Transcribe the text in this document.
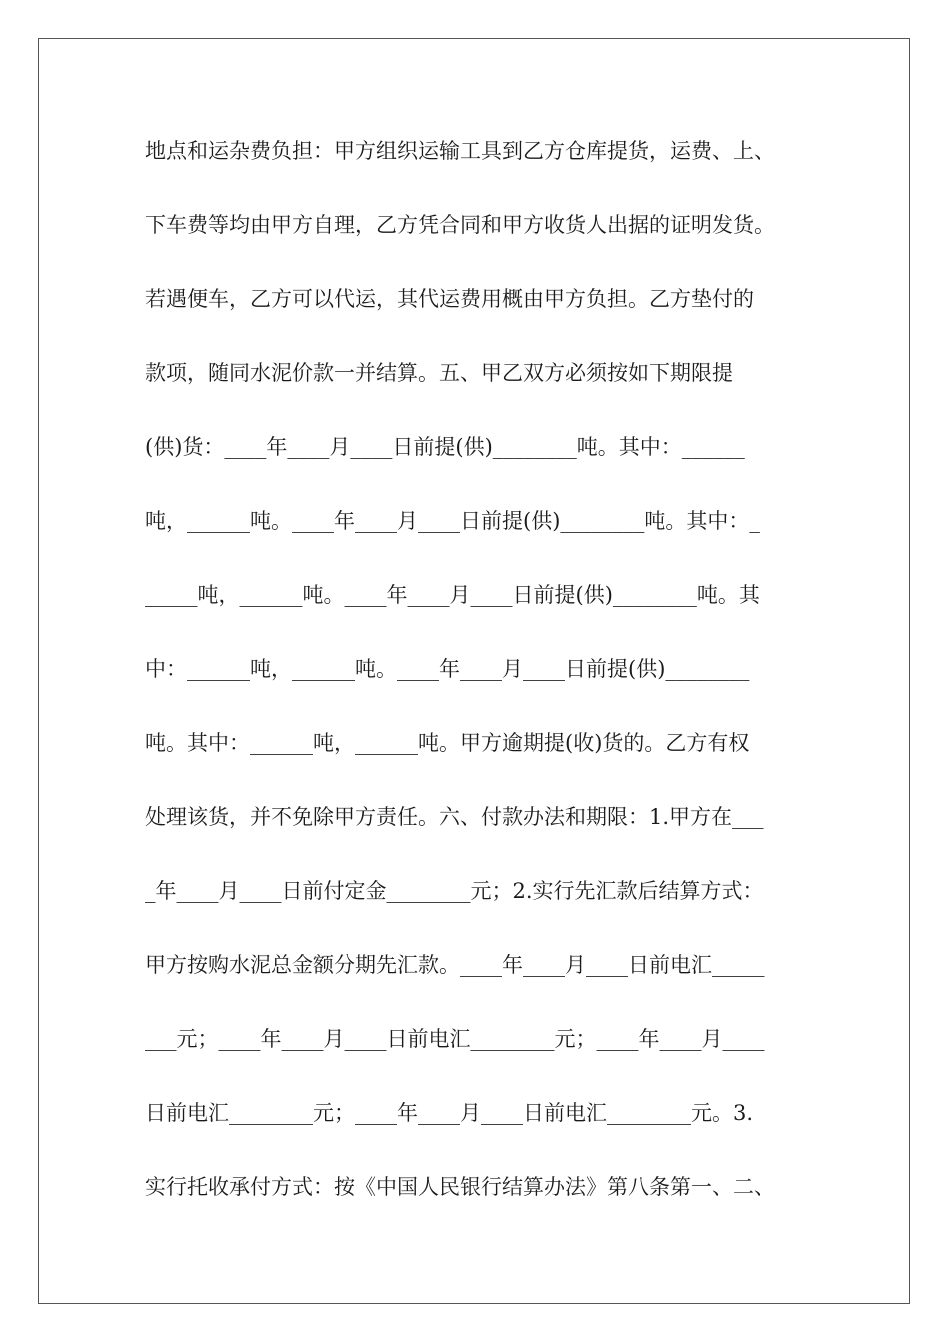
地点和运杂费负担：甲方组织运输工具到乙方仓库提货，运费、上、
下车费等均由甲方自理，乙方凭合同和甲方收货人出据的证明发货。
若遇便车，乙方可以代运，其代运费用概由甲方负担。乙方垫付的
款项，随同水泥价款一并结算。五、甲乙双方必须按如下期限提
(供)货：____年____月____日前提(供)________吨。其中：______
吨，______吨。____年____月____日前提(供)________吨。其中：_
_____吨，______吨。____年____月____日前提(供)________吨。其
中：______吨，______吨。____年____月____日前提(供)________
吨。其中：______吨，______吨。甲方逾期提(收)货的。乙方有权
处理该货，并不免除甲方责任。六、付款办法和期限：1.甲方在___
_年____月____日前付定金________元；2.实行先汇款后结算方式：
甲方按购水泥总金额分期先汇款。____年____月____日前电汇_____
___元；____年____月____日前电汇________元；____年____月____
日前电汇________元；____年____月____日前电汇________元。3.
实行托收承付方式：按《中国人民银行结算办法》第八条第一、二、
